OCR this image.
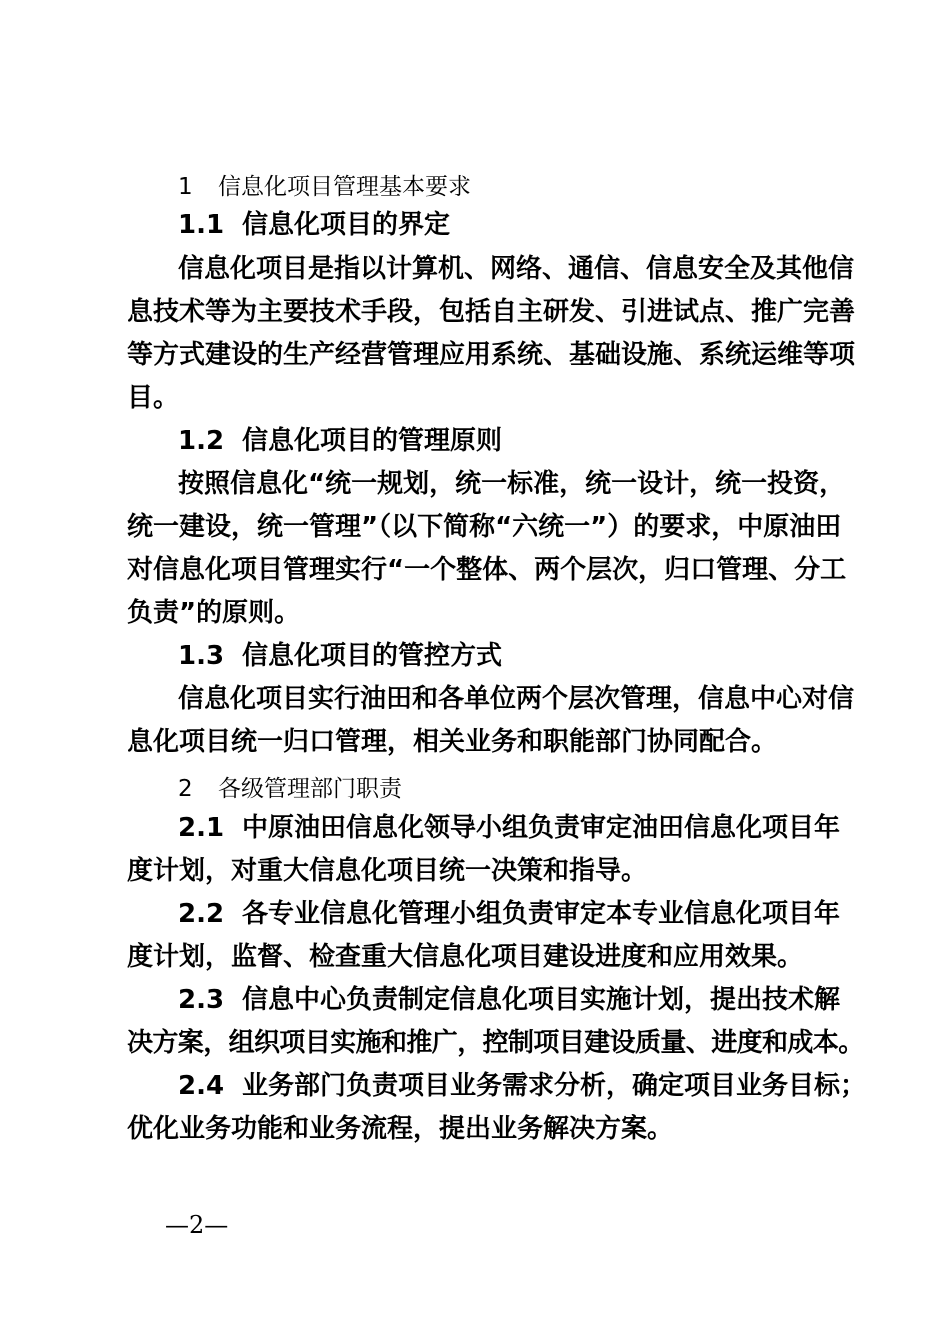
1 信息化项目管理基本要求
1.1 信息化项目的界定
信息化项目是指以计算机、网络、通信、信息安全及其他信
息技术等为主要技术手段，包括自主研发、引进试点、推广完善
等方式建设的生产经营管理应用系统、基础设施、系统运维等项
目。
1.2 信息化项目的管理原则
按照信息化“统一规划，统一标准，统一设计，统一投资，
统一建设，统一管理”（以下简称“六统一”）的要求，中原油田
对信息化项目管理实行“一个整体、两个层次，归口管理、分工
负责”的原则。
1.3 信息化项目的管控方式
信息化项目实行油田和各单位两个层次管理，信息中心对信
息化项目统一归口管理，相关业务和职能部门协同配合。
2 各级管理部门职责
2.1 中原油田信息化领导小组负责审定油田信息化项目年
度计划，对重大信息化项目统一决策和指导。
2.2 各专业信息化管理小组负责审定本专业信息化项目年
度计划，监督、检查重大信息化项目建设进度和应用效果。
2.3 信息中心负责制定信息化项目实施计划，提出技术解
决方案，组织项目实施和推广，控制项目建设质量、进度和成本。
2.4 业务部门负责项目业务需求分析，确定项目业务目标；
优化业务功能和业务流程，提出业务解决方案。
—2—
